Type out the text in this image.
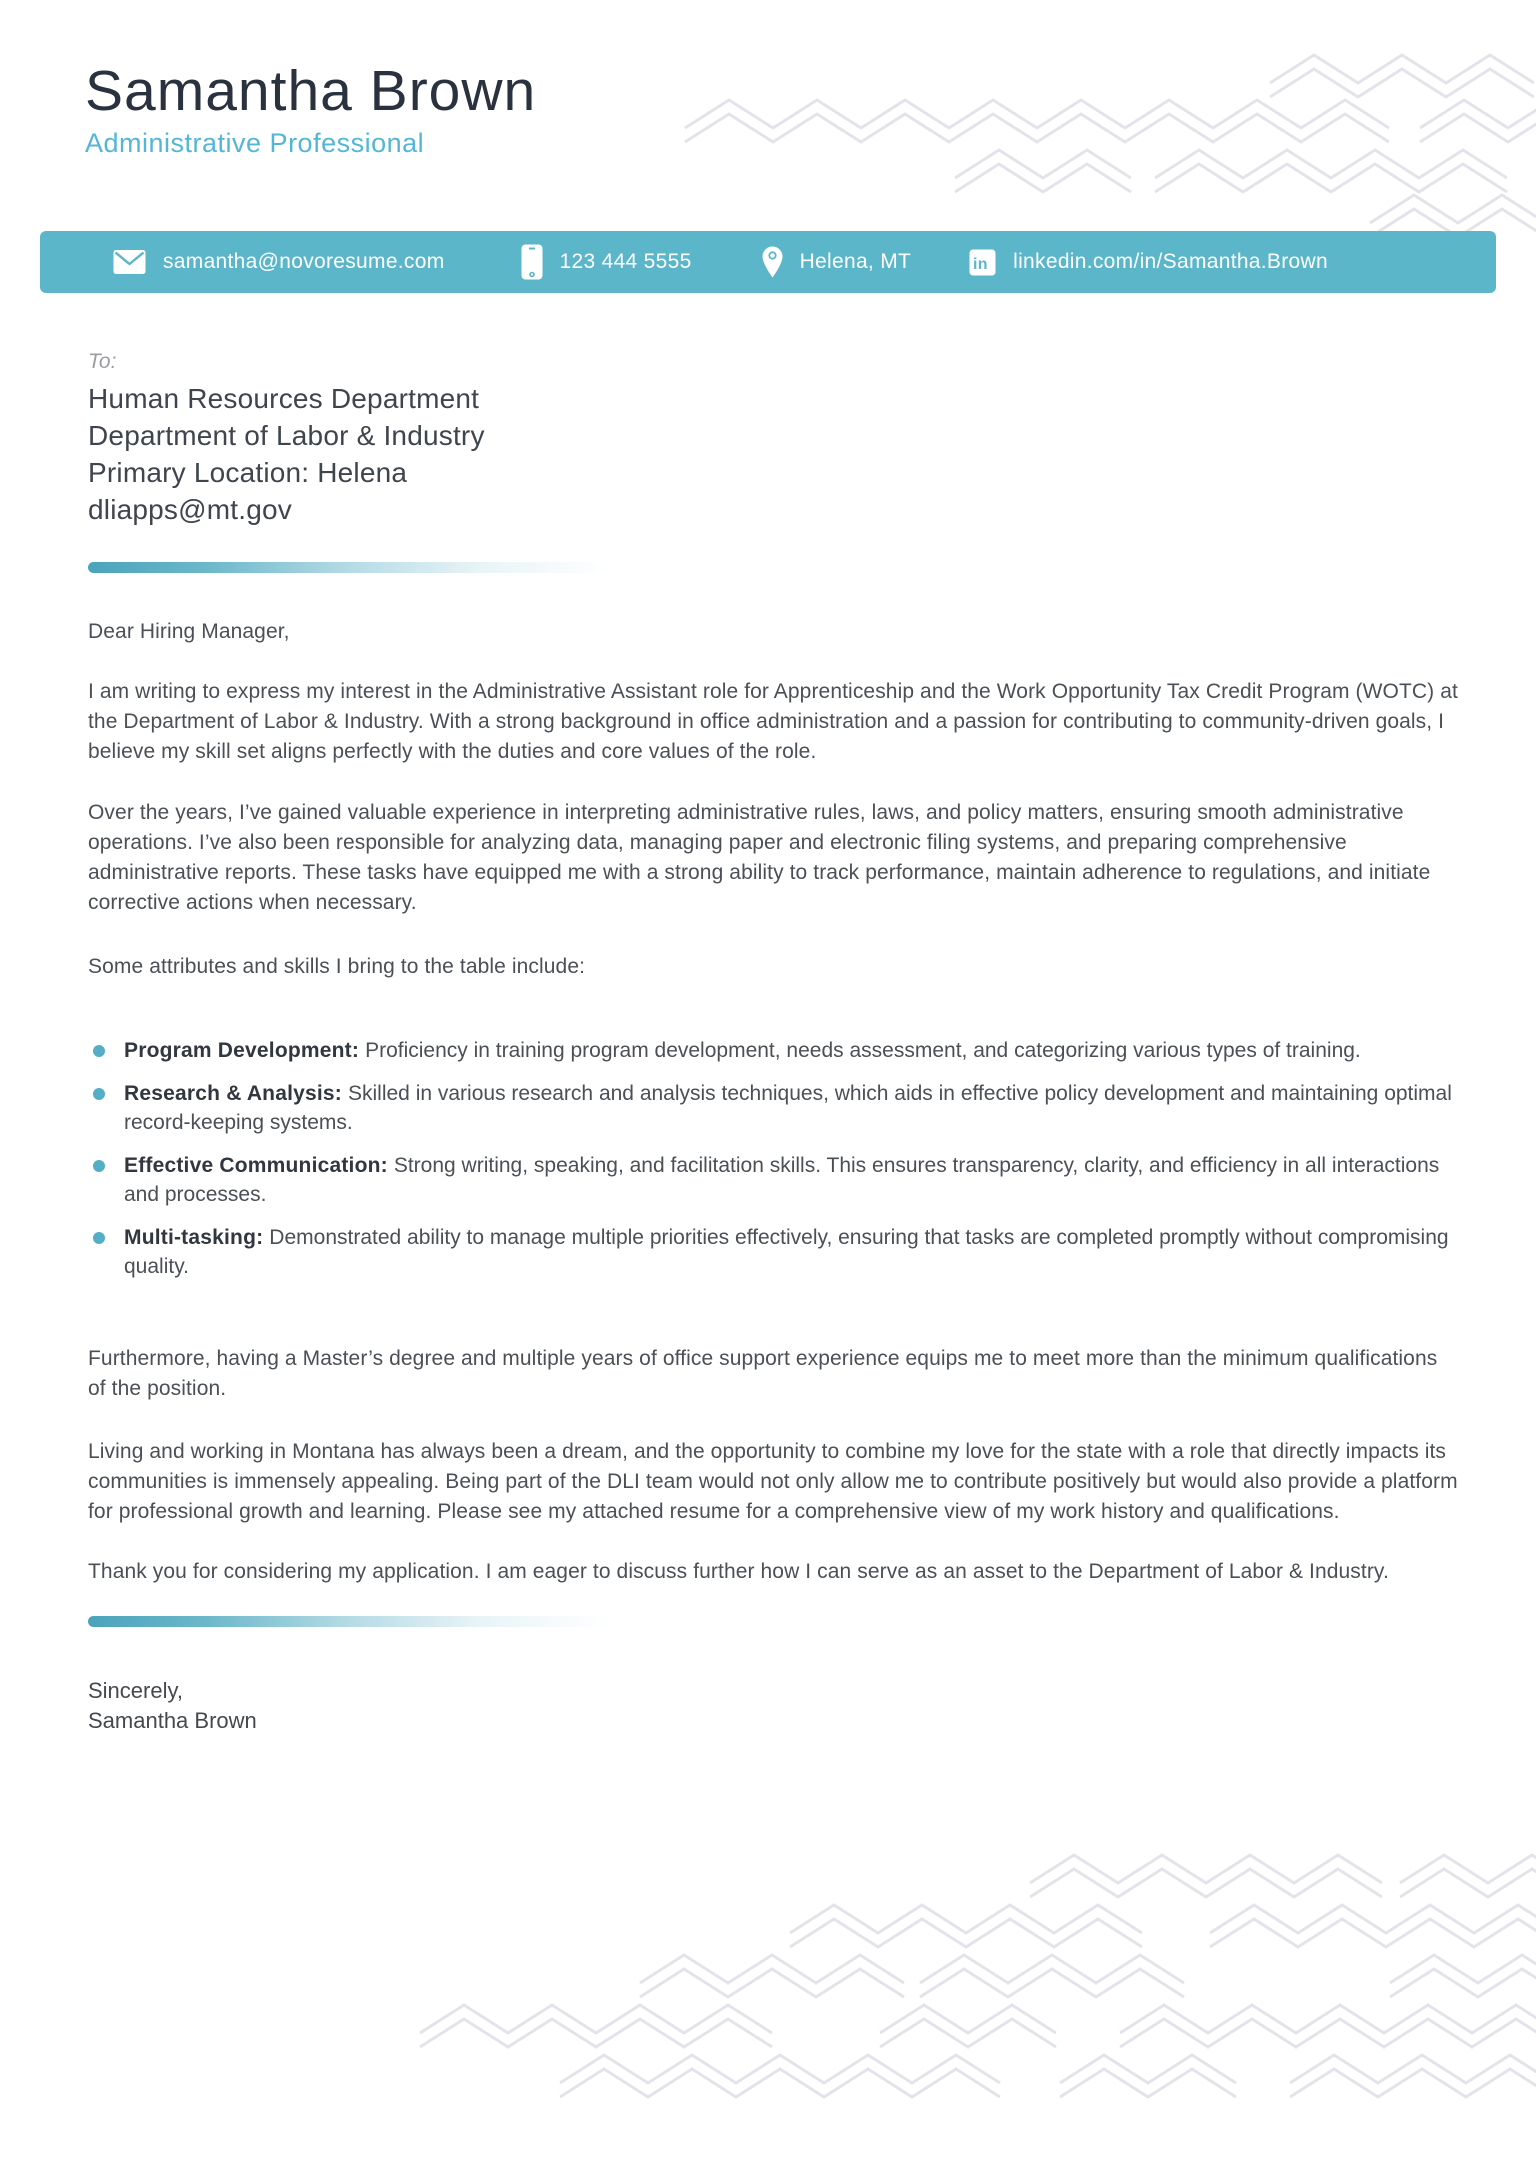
Samantha Brown
Administrative Professional
samantha@novoresume.com	123 444 5555	Helena, MT	in linkedin.com/in/Samantha.Brown
To:
Human Resources Department
Department of Labor & Industry
Primary Location: Helena
dliapps@mt.gov
Dear Hiring Manager,
I am writing to express my interest in the Administrative Assistant role for Apprenticeship and the Work Opportunity Tax Credit Program (WOTC) at the Department of Labor & Industry. With a strong background in office administration and a passion for contributing to community-driven goals, I believe my skill set aligns perfectly with the duties and core values of the role.
Over the years, I’ve gained valuable experience in interpreting administrative rules, laws, and policy matters, ensuring smooth administrative operations. I’ve also been responsible for analyzing data, managing paper and electronic filing systems, and preparing comprehensive administrative reports. These tasks have equipped me with a strong ability to track performance, maintain adherence to regulations, and initiate corrective actions when necessary.
Some attributes and skills I bring to the table include:
Program Development: Proficiency in training program development, needs assessment, and categorizing various types of training.
Research & Analysis: Skilled in various research and analysis techniques, which aids in effective policy development and maintaining optimal record-keeping systems.
Effective Communication: Strong writing, speaking, and facilitation skills. This ensures transparency, clarity, and efficiency in all interactions and processes.
Multi-tasking: Demonstrated ability to manage multiple priorities effectively, ensuring that tasks are completed promptly without compromising quality.
Furthermore, having a Master’s degree and multiple years of office support experience equips me to meet more than the minimum qualifications of the position.
Living and working in Montana has always been a dream, and the opportunity to combine my love for the state with a role that directly impacts its communities is immensely appealing. Being part of the DLI team would not only allow me to contribute positively but would also provide a platform for professional growth and learning. Please see my attached resume for a comprehensive view of my work history and qualifications.
Thank you for considering my application. I am eager to discuss further how I can serve as an asset to the Department of Labor & Industry.
Sincerely,
Samantha Brown
